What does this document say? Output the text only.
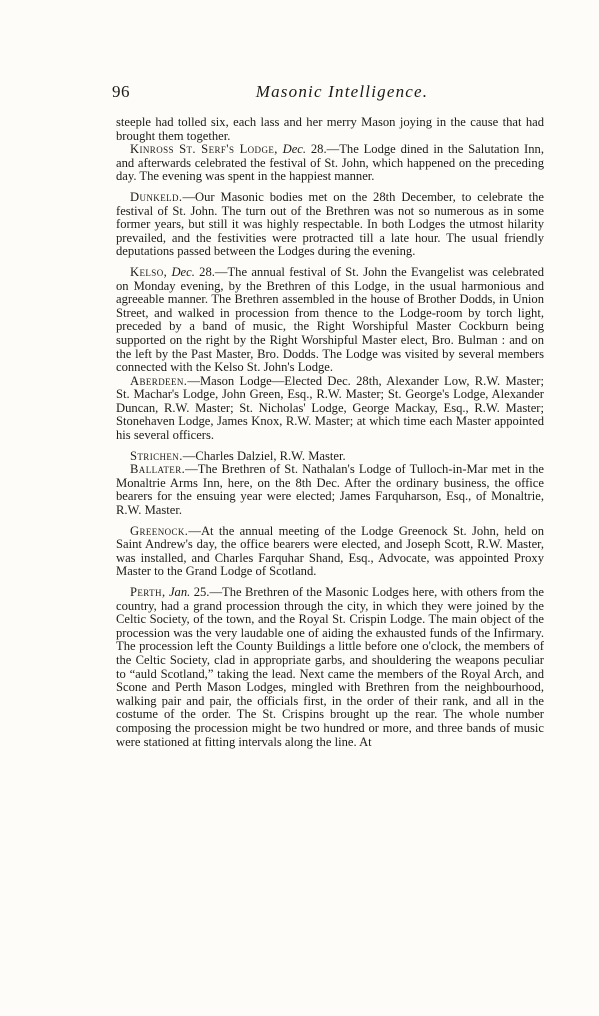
96	Masonic Intelligence.

steeple had tolled six, each lass and her merry Mason joying in the cause that had brought them together.

Kinross St. Serf's Lodge, Dec. 28.—The Lodge dined in the Salutation Inn, and afterwards celebrated the festival of St. John, which happened on the preceding day. The evening was spent in the happiest manner.

Dunkeld.—Our Masonic bodies met on the 28th December, to celebrate the festival of St. John. The turn out of the Brethren was not so numerous as in some former years, but still it was highly respectable. In both Lodges the utmost hilarity prevailed, and the festivities were protracted till a late hour. The usual friendly deputations passed between the Lodges during the evening.

Kelso, Dec. 28.—The annual festival of St. John the Evangelist was celebrated on Monday evening, by the Brethren of this Lodge, in the usual harmonious and agreeable manner. The Brethren assembled in the house of Brother Dodds, in Union Street, and walked in procession from thence to the Lodge-room by torch light, preceded by a band of music, the Right Worshipful Master Cockburn being supported on the right by the Right Worshipful Master elect, Bro. Bulman : and on the left by the Past Master, Bro. Dodds. The Lodge was visited by several members connected with the Kelso St. John's Lodge.

Aberdeen.—Mason Lodge—Elected Dec. 28th, Alexander Low, R.W. Master; St. Machar's Lodge, John Green, Esq., R.W. Master; St. George's Lodge, Alexander Duncan, R.W. Master; St. Nicholas' Lodge, George Mackay, Esq., R.W. Master; Stonehaven Lodge, James Knox, R.W. Master; at which time each Master appointed his several officers.

Strichen.—Charles Dalziel, R.W. Master.

Ballater.—The Brethren of St. Nathalan's Lodge of Tulloch-in-Mar met in the Monaltrie Arms Inn, here, on the 8th Dec. After the ordinary business, the office bearers for the ensuing year were elected; James Farquharson, Esq., of Monaltrie, R.W. Master.

Greenock.—At the annual meeting of the Lodge Greenock St. John, held on Saint Andrew's day, the office bearers were elected, and Joseph Scott, R.W. Master, was installed, and Charles Farquhar Shand, Esq., Advocate, was appointed Proxy Master to the Grand Lodge of Scotland.

Perth, Jan. 25.—The Brethren of the Masonic Lodges here, with others from the country, had a grand procession through the city, in which they were joined by the Celtic Society, of the town, and the Royal St. Crispin Lodge. The main object of the procession was the very laudable one of aiding the exhausted funds of the Infirmary. The procession left the County Buildings a little before one o'clock, the members of the Celtic Society, clad in appropriate garbs, and shouldering the weapons peculiar to “auld Scotland,” taking the lead. Next came the members of the Royal Arch, and Scone and Perth Mason Lodges, mingled with Brethren from the neighbourhood, walking pair and pair, the officials first, in the order of their rank, and all in the costume of the order. The St. Crispins brought up the rear. The whole number composing the procession might be two hundred or more, and three bands of music were stationed at fitting intervals along the line. At
